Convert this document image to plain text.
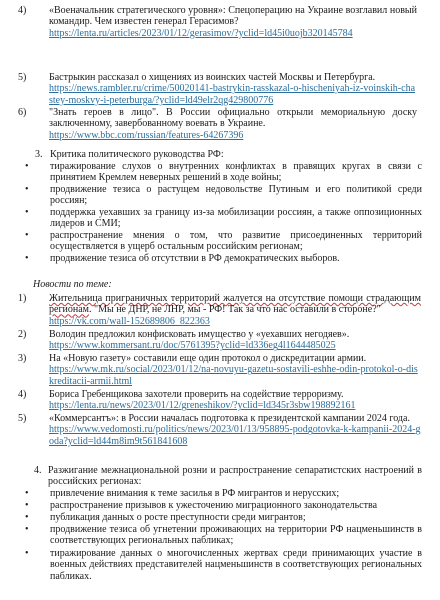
4) «Военачальник стратегического уровня»: Спецоперацию на Украине возглавил новый командир. Чем известен генерал Герасимов?
https://lenta.ru/articles/2023/01/12/gerasimov/?yclid=ld45i0uojb320145784
5) Бастрыкин рассказал о хищениях из воинских частей Москвы и Петербурга.
https://news.rambler.ru/crime/50020141-bastrykin-rasskazal-o-hischeniyah-iz-voinskih-chastey-moskvy-i-peterburga/?yclid=ld49elr2qg429800776
6) "Знать героев в лицо". В России официально открыли мемориальную доску заключенному, завербованному воевать в Украине.
https://www.bbc.com/russian/features-64267396
3. Критика политического руководства РФ:
• тиражирование слухов о внутренних конфликтах в правящих кругах в связи с принятием Кремлем неверных решений в ходе войны;
• продвижение тезиса о растущем недовольстве Путиным и его политикой среди россиян;
• поддержка уехавших за границу из-за мобилизации россиян, а также оппозиционных лидеров и СМИ;
• распространение мнения о том, что развитие присоединенных территорий осуществляется в ущерб остальным российским регионам;
• продвижение тезиса об отсутствии в РФ демократических выборов.
Новости по теме:
1) Жительница приграничных территорий жалуется на отсутствие помощи страдающим регионам. "Мы не ДНР, не ЛНР, мы - РФ! Так за что нас оставили в стороне?"
https://vk.com/wall-152689806_822363
2) Володин предложил конфисковать имущество у «уехавших негодяев».
https://www.kommersant.ru/doc/5761395?yclid=ld336eg4l1644485025
3) На «Новую газету» составили еще один протокол о дискредитации армии.
https://www.mk.ru/social/2023/01/12/na-novuyu-gazetu-sostavili-eshhe-odin-protokol-o-diskreditacii-armii.html
4) Бориса Гребенщикова захотели проверить на содействие терроризму.
https://lenta.ru/news/2023/01/12/greneshikov/?yclid=ld345r3sbw198892161
5) «Коммерсантъ»: в России началась подготовка к президентской кампании 2024 года.
https://www.vedomosti.ru/politics/news/2023/01/13/958895-podgotovka-k-kampanii-2024-goda?yclid=ld44m8im9t561841608
4. Разжигание межнациональной розни и распространение сепаратистских настроений в российских регионах:
• привлечение внимания к теме засилья в РФ мигрантов и нерусских;
• распространение призывов к ужесточению миграционного законодательства
• публикация данных о росте преступности среди мигрантов;
• продвижение тезиса об угнетении проживающих на территории РФ нацменьшинств в соответствующих региональных пабликах;
• тиражирование данных о многочисленных жертвах среди принимающих участие в военных действиях представителей нацменьшинств в соответствующих региональных пабликах.
